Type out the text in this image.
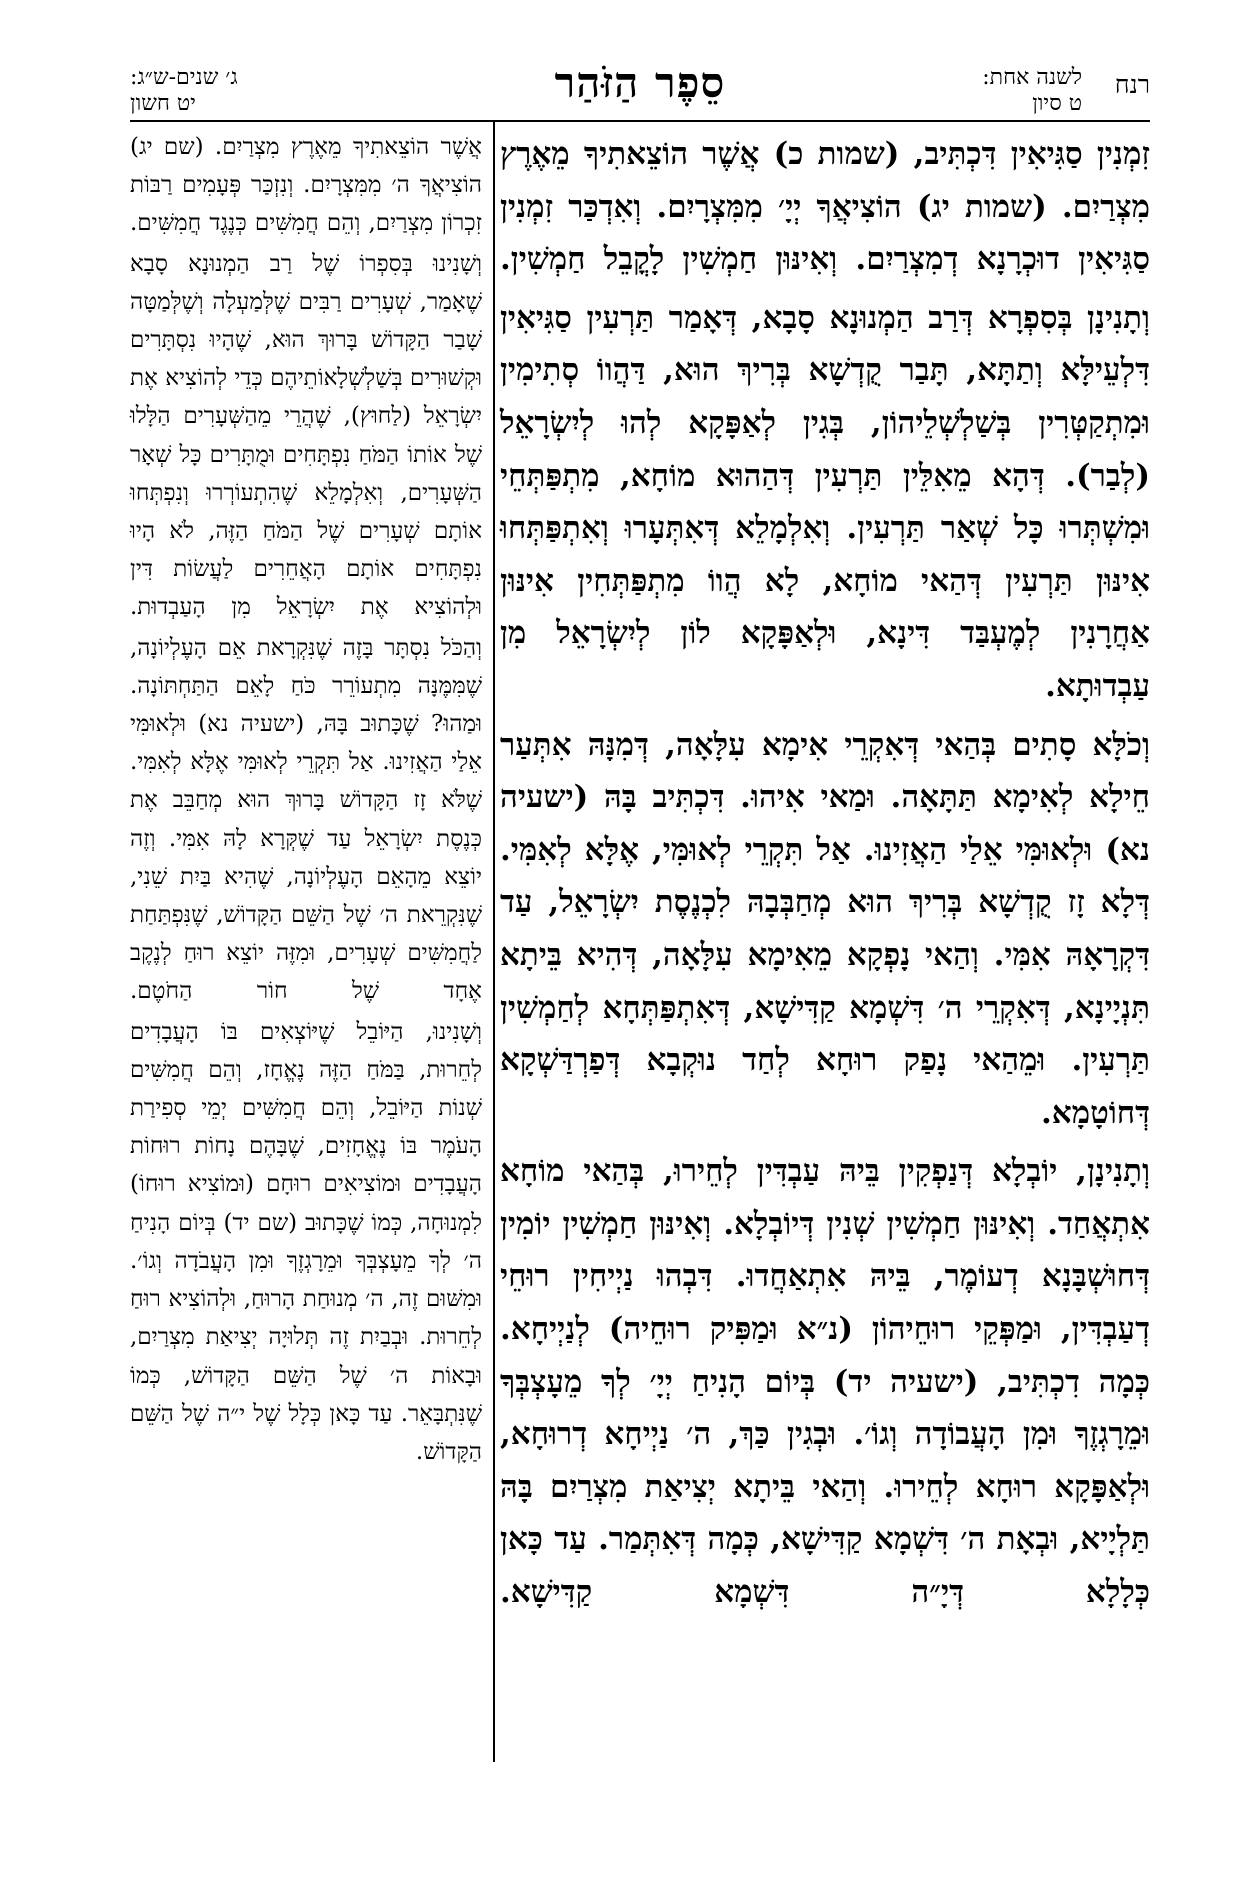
רנח
לשנה אחת:
ט סיון
סֵפֶר הַזֹּהַר
ג׳ שנים-ש״ג:
יט חשון

זִמְנִין סַגִּיאִין דִּכְתִּיב, (שמות כ) אֲשֶׁר הוֹצֵאתִיךָ מֵאֶרֶץ מִצְרַיִם. (שמות יג) הוֹצִיאֲךָ יְיָ׳ מִמִּצְרָיִם. וְאִדְכַּר זִמְנִין סַגִּיאִין דוּכְרָנָא דְמִצְרַיִם. וְאִינּוּן חַמְשִׁין לָקֳבֵל חַמְשִׁין.

וְתָנִינָן בְּסִפְרָא דְּרַב הַמְנוּנָא סָבָא, דְּאָמַר תַּרְעִין סַגִּיאִין דִּלְעֵילָּא וְתַתָּא, תָּבַר קֻדְשָׁא בְּרִיךְ הוּא, דַּהֲווֹ סְתִימִין וּמִתְקַטְּרִין בְּשַׁלְשְׁלֵיהוֹן, בְּגִין לְאַפָּקָא לְהוּ לְיִשְׂרָאֵל (לְבַר). דְּהָא מֵאִלֵּין תַּרְעִין דְּהַהוּא מוֹחָא, מִתְפַּתְּחֵי וּמִשְׁתְּרוּ כָּל שְׁאַר תַּרְעִין. וְאִלְמָלֵא דְּאִתְּעָרוּ וְאִתְפַּתְּחוּ אִינּוּן תַּרְעִין דְּהַאי מוֹחָא, לָא הֲווֹ מִתְפַּתְּחִין אִינּוּן אַחֲרָנִין לְמֶעְבַּד דִּינָא, וּלְאַפָּקָא לוֹן לְיִשְׂרָאֵל מִן עַבְדוּתָא.

וְכֹלָּא סָתִים בְּהַאי דְּאִקְרֵי אִימָא עִלָּאָה, דְּמִנָּהּ אִתְּעַר חֵילָא לְאִימָא תַּתָּאָה. וּמַאי אִיהוּ. דִּכְתִּיב בָּהּ (ישעיה נא) וּלְאוּמִּי אֵלַי הַאֲזִינוּ. אַל תִּקְרֵי לְאוּמִּי, אֶלָּא לְאִמִּי. דְּלָא זָז קֻדְשָׁא בְּרִיךְ הוּא מְחַבְּבָהּ לִכְנֶסֶת יִשְׂרָאֵל, עַד דִּקְרָאָהּ אִמִּי. וְהַאי נָפְקָא מֵאִימָא עִלָּאָה, דְּהִיא בֵּיתָא תִּנְיָינָא, דְּאִקְרֵי ה׳ דִּשְׁמָא קַדִּישָׁא, דְּאִתְפַּתְּחָא לְחַמְשִׁין תַּרְעִין. וּמֵהַאי נָפַק רוּחָא לְחַד נוּקְבָא דְּפַרְדַּשְׁקָא דְּחוֹטָמָא.

וְתָנִינָן, יוֹבְלָא דְּנַפְקִין בֵּיהּ עַבְדִּין לְחֵירוּ, בְּהַאי מוֹחָא אִתְאֲחַד. וְאִינּוּן חַמְשִׁין שְׁנִין דְּיוֹבְלָא. וְאִינּוּן חַמְשִׁין יוֹמִין דְּחוּשְׁבָּנָא דְעוֹמֶר, בֵּיהּ אִתְאַחֲדוּ. דִּבְהוּ נַיְיחִין רוּחֵי דְעַבְדִּין, וּמַפְּקֵי רוּחֵיהוֹן (נ״א וּמַפִּיק רוּחֵיה) לְנַיְיחָא. כְּמָה דִכְתִּיב, (ישעיה יד) בְּיוֹם הָנִיחַ יְיָ׳ לְךָ מֵעָצְבְּךָ וּמֵרָגְזֶךָ וּמִן הָעֲבוֹדָה וְגוֹ׳. וּבְגִין כַּךְ, ה׳ נַיְיחָא דְרוּחָא, וּלְאַפָּקָא רוּחָא לְחֵירוּ. וְהַאי בֵּיתָא יְצִיאַת מִצְרַיִם בָּהּ תַּלְיָיא, וּבְאָת ה׳ דִּשְׁמָא קַדִּישָׁא, כְּמָה דְּאִתְּמַר. עַד כָּאן כְּלָלָא דְּיָ״ה דִּשְׁמָא קַדִּישָׁא.

אֲשֶׁר הוֹצֵאתִיךָ מֵאֶרֶץ מִצְרַיִם. (שם יג) הוֹצִיאֲךָ ה׳ מִמִּצְרָיִם. וְנִזְכַּר פְּעָמִים רַבּוֹת זִכְרוֹן מִצְרַיִם, וְהֵם חֲמִשִּׁים כְּנֶגֶד חֲמִשִּׁים.

וְשָׁנִינוּ בְּסִפְרוֹ שֶׁל רַב הַמְנוּנָא סָבָא שֶׁאָמַר, שְׁעָרִים רַבִּים שֶׁלְּמַעְלָה וְשֶׁלְּמַטָּה שָׁבַר הַקָּדוֹשׁ בָּרוּךְ הוּא, שֶׁהָיוּ נִסְתָּרִים וּקְשׁוּרִים בְּשַׁלְשְׁלָאוֹתֵיהֶם כְּדֵי לְהוֹצִיא אֶת יִשְׂרָאֵל (לַחוּץ), שֶׁהֲרֵי מֵהַשְּׁעָרִים הַלָּלוּ שֶׁל אוֹתוֹ הַמֹּחַ נִפְתָּחִים וּמֻתָּרִים כָּל שְׁאָר הַשְּׁעָרִים, וְאִלְמָלֵא שֶׁהִתְעוֹרְרוּ וְנִפְתְּחוּ אוֹתָם שְׁעָרִים שֶׁל הַמֹּחַ הַזֶּה, לֹא הָיוּ נִפְתָּחִים אוֹתָם הָאֲחֵרִים לַעֲשׂוֹת דִּין וּלְהוֹצִיא אֶת יִשְׂרָאֵל מִן הָעַבְדוּת.

וְהַכֹּל נִסְתָּר בָּזֶה שֶׁנִּקְרָאת אֵם הָעֶלְיוֹנָה, שֶׁמִּמֶּנָּה מִתְעוֹרֵר כֹּחַ לָאֵם הַתַּחְתּוֹנָה. וּמַהוּ? שֶׁכָּתוּב בָּהּ, (ישעיה נא) וּלְאוּמִּי אֵלַי הַאֲזִינוּ. אַל תִּקְרֵי לְאוּמִּי אֶלָּא לְאִמִּי. שֶׁלֹּא זָז הַקָּדוֹשׁ בָּרוּךְ הוּא מְחַבֵּב אֶת כְּנֶסֶת יִשְׂרָאֵל עַד שֶׁקְּרָא לָהּ אִמִּי. וְזֶה יוֹצֵא מֵהָאֵם הָעֶלְיוֹנָה, שֶׁהִיא בַּיִת שֵׁנִי, שֶׁנִּקְרֵאת ה׳ שֶׁל הַשֵּׁם הַקָּדוֹשׁ, שֶׁנִּפְתַּחַת לַחֲמִשִּׁים שְׁעָרִים, וּמִזֶּה יוֹצֵא רוּחַ לְנֶקֶב אֶחָד שֶׁל חוֹר הַחֹטֶם.

וְשָׁנִינוּ, הַיּוֹבֵל שֶׁיּוֹצְאִים בּוֹ הָעֲבָדִים לְחֵרוּת, בַּמֹּחַ הַזֶּה נֶאֱחָז, וְהֵם חֲמִשִּׁים שְׁנוֹת הַיּוֹבֵל, וְהֵם חֲמִשִּׁים יְמֵי סְפִירַת הָעֹמֶר בּוֹ נֶאֱחָזִים, שֶׁבָּהֶם נָחוֹת רוּחוֹת הָעֲבָדִים וּמוֹצִיאִים רוּחָם (וּמוֹצִיא רוּחוֹ) לִמְנוּחָה, כְּמוֹ שֶׁכָּתוּב (שם יד) בְּיוֹם הָנִיחַ ה׳ לְךָ מֵעָצְבְּךָ וּמֵרָגְזֶךָ וּמִן הָעֲבֹדָה וְגוֹ׳. וּמִשּׁוּם זֶה, ה׳ מְנוּחַת הָרוּחַ, וּלְהוֹצִיא רוּחַ לְחֵרוּת. וּבְבַיִת זֶה תְּלוּיָה יְצִיאַת מִצְרַיִם, וּבָאוֹת ה׳ שֶׁל הַשֵּׁם הַקָּדוֹשׁ, כְּמוֹ שֶׁנִּתְבָּאֵר. עַד כָּאן כְּלָל שֶׁל י״ה שֶׁל הַשֵּׁם הַקָּדוֹשׁ.
